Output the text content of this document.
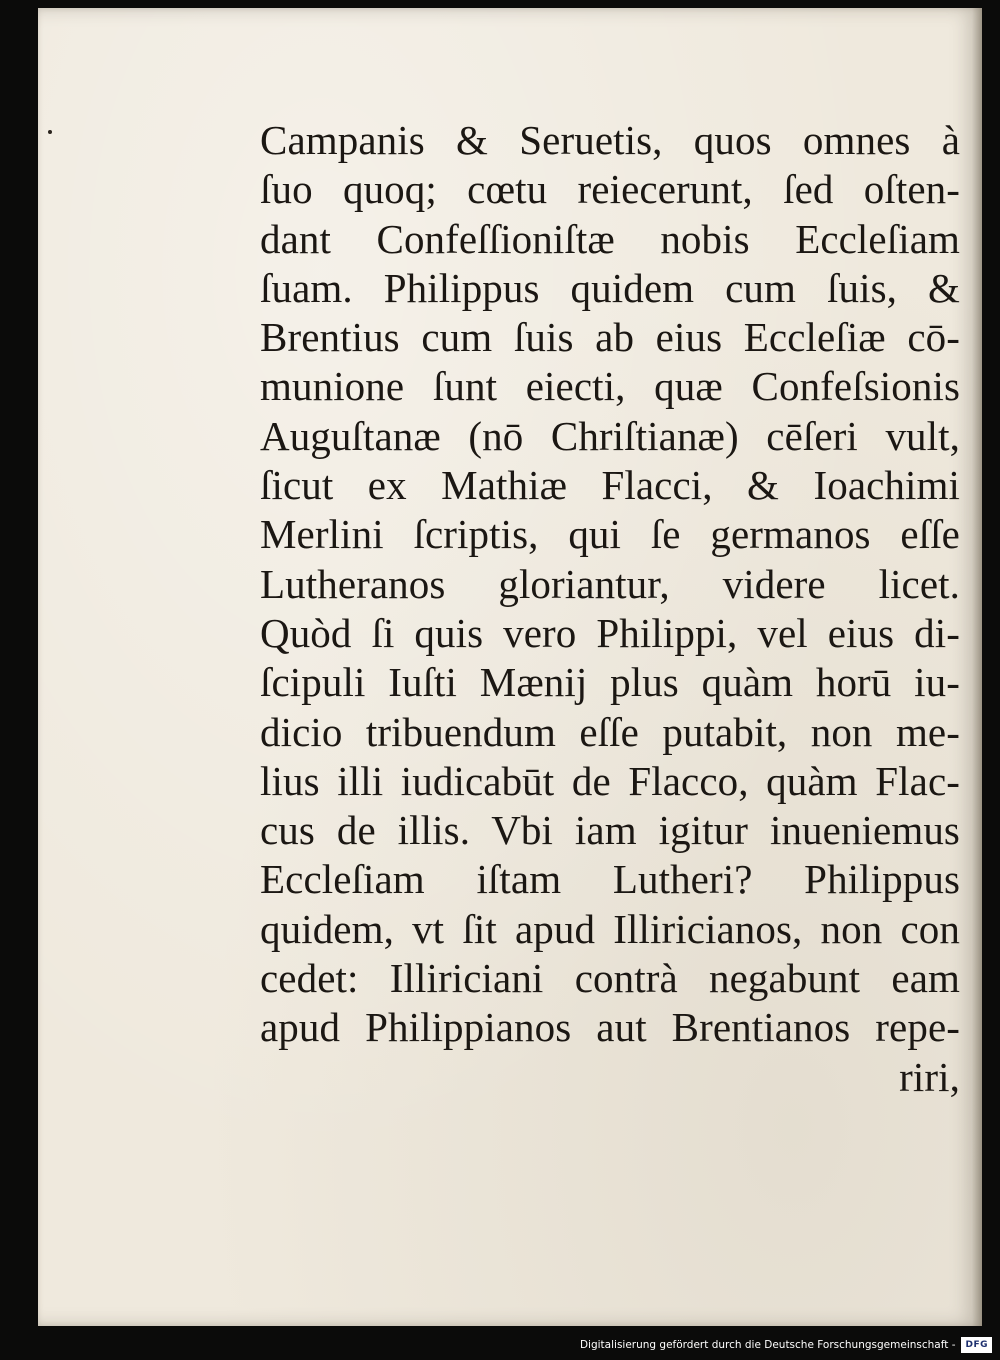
Campanis & Seruetis, quos omnes à
ſuo quoq; cœtu reiecerunt, ſed oſten-
dant Confeſſioniſtæ nobis Eccleſiam
ſuam. Philippus quidem cum ſuis, &
Brentius cum ſuis ab eius Eccleſiæ cō-
munione ſunt eiecti, quæ Confeſsionis
Auguſtanæ (nō Chriſtianæ) cēſeri vult,
ſicut ex Mathiæ Flacci, & Ioachimi
Merlini ſcriptis, qui ſe germanos eſſe
Lutheranos gloriantur, videre licet.
Quòd ſi quis vero Philippi, vel eius di-
ſcipuli Iuſti Mænij plus quàm horū iu-
dicio tribuendum eſſe putabit, non me-
lius illi iudicabūt de Flacco, quàm Flac-
cus de illis. Vbi iam igitur inueniemus
Eccleſiam iſtam Lutheri? Philippus
quidem, vt ſit apud Illiricianos, non con
cedet: Illiriciani contrà negabunt eam
apud Philippianos aut Brentianos repe-
riri,
Digitalisierung gefördert durch die Deutsche Forschungsgemeinschaft -	DFG
